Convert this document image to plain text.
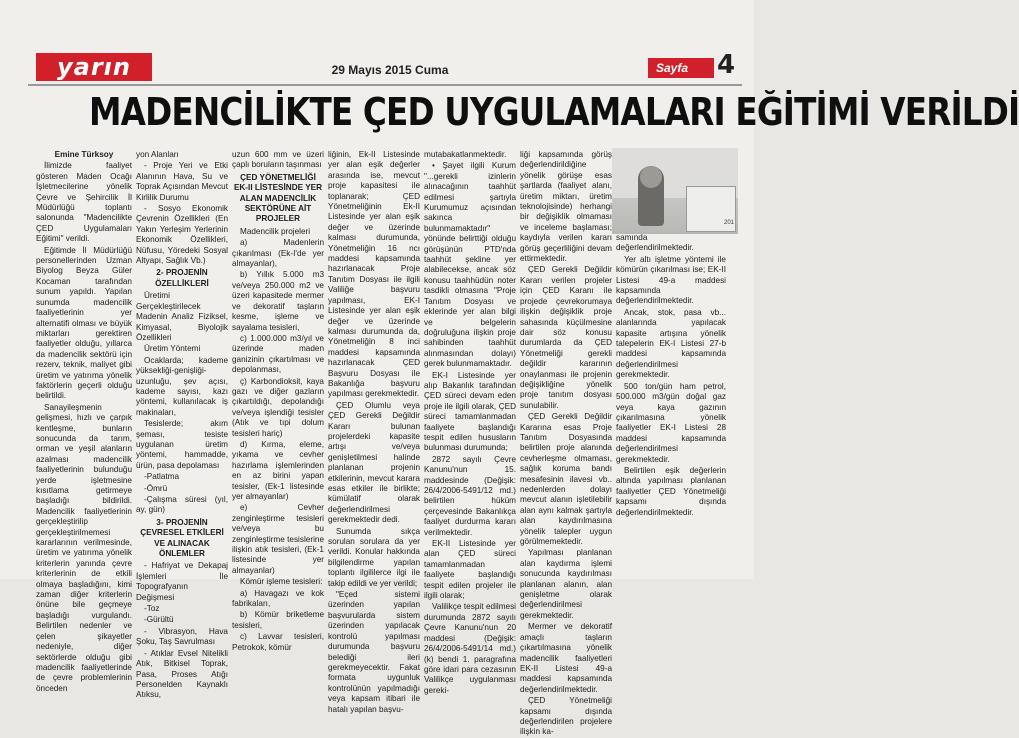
yarın	29 Mayıs 2015 Cuma	Sayfa	4
MADENCİLİKTE ÇED UYGULAMALARI EĞİTİMİ VERİLDİ

Emine Türksoy

İlimizde faaliyet gösteren Maden Ocağı İşletmecilerine yönelik Çevre ve Şehircilik İl Müdürlüğü toplantı salonunda "Madencilikte ÇED Uygulamaları Eğitimi" verildi.

Eğitimde İl Müdürlüğü personellerinden Uzman Biyolog Beyza Güler Kocaman tarafından sunum yapıldı. Yapılan sunumda madencilik faaliyetlerinin yer alternatifi olması ve büyük miktarları gerektiren faaliyetler olduğu, yıllarca da madencilik sektörü için rezerv, teknik, maliyet gibi üretim ve yatırıma yönelik faktörlerin geçerli olduğu belirtildi.

Sanayileşmenin gelişmesi, hızlı ve çarpık kentleşme, bunların sonucunda da tarım, orman ve yeşil alanların azalması madencilik faaliyetlerinin bulunduğu yerde işletmesine kısıtlama getirmeye başladığı bildirildi. Madencilik faaliyetlerinin gerçekleştirilip gerçekleştirilmemesi kararlarının verilmesinde, üretim ve yatırıma yönelik kriterlerin yanında çevre kriterlerinin de etkili olmaya başladığını, kimi zaman diğer kriterlerin önüne bile geçmeye başladığı vurgulandı. Belirtilen nedenler ve çelen şikayetler nedeniyle, diğer sektörlerde olduğu gibi madencilik faaliyetlerinde de çevre problemlerinin önceden

yon Alanları

- Proje Yeri ve Etki Alanının Hava, Su ve Toprak Açısından Mevcut Kirlilik Durumu

- Sosyo Ekonomik Çevrenin Özellikleri (En Yakın Yerleşim Yerlerinin Ekonomik Özellikleri, Nüfusu, Yöredeki Sosyal Altyapı, Sağlık Vb.)

2- PROJENİN ÖZELLİKLERİ

Üretimi Gerçekleştirilecek Madenin Analiz Fiziksel, Kimyasal, Biyolojik Özellikleri

Üretim Yöntemi

Ocaklarda; kademe yüksekliği-genişliği-uzunluğu, şev açısı, kademe sayısı, kazı yöntemi, kullanılacak iş makinaları,

Tesislerde; akım şeması, tesiste uygulanan üretim yöntemi, hammadde, ürün, pasa depolaması

-Patlatma

-Ömrü

-Çalışma süresi (yıl, ay, gün)

3- PROJENİN ÇEVRESEL ETKİLERİ VE ALINACAK ÖNLEMLER

- Hafriyat ve Dekapaj İşlemleri İle Topografyanın Değişmesi

-Toz

-Gürültü

- Vibrasyon, Hava Şoku, Taş Savrulması

- Atıklar Evsel Nitelikli Atık, Bitkisel Toprak, Pasa, Proses Atığı Personelden Kaynaklı Atıksu,

uzun 600 mm ve üzeri çaplı boruların taşınması

ÇED YÖNETMELİĞİ EK-II LİSTESİNDE YER ALAN MADENCİLİK SEKTÖRÜNE AİT PROJELER

Madencilik projeleri

a) Madenlerin çıkarılması (Ek-I'de yer almayanlar),

b) Yıllık 5.000 m3 ve/veya 250.000 m2 ve üzeri kapasitede mermer ve dekoratif taşların kesme, işleme ve sayalama tesisleri,

c) 1.000.000 m3/yıl ve üzerinde maden ganizinin çıkartılması ve depolanması,

ç) Karbondioksit, kaya gazı ve diğer gazların çıkartıldığı, depolandığı ve/veya işlendiği tesisler (Atık ve tıpi dolum tesisleri hariç)

d) Kırma, eleme, yıkama ve cevher hazırlama işlemlerinden en az birini yapan tesisler, (Ek-1 listesinde yer almayanlar)

e) Cevher zenginleştirme tesisleri ve/veya bu zenginleştirme tesislerine ilişkin atık tesisleri, (Ek-1 listesinde yer almayanlar)

Kömür işleme tesisleri:

a) Havagazı ve kok fabrikaları,

b) Kömür briketleme tesisleri,

c) Lavvar tesisleri, Petrokok, kömür

liğinin, Ek-II Listesinde yer alan eşik değerler arasında ise, mevcut proje kapasitesi ile toplanarak; ÇED Yönetmeliğinin Ek-II Listesinde yer alan eşik değer ve üzerinde kalması durumunda, Yönetmeliğin 16 ncı maddesi kapsamında hazırlanacak Proje Tanıtım Dosyası ile ilgili Valiliğe başvuru yapılması, EK-I Listesinde yer alan eşik değer ve üzerinde kalması durumunda da, Yönetmeliğin 8 inci maddesi kapsamında hazırlanacak ÇED Başvuru Dosyası ile Bakanlığa başvuru yapılması gerekmektedir.

ÇED Olumlu veya ÇED Gerekli Değildir Kararı bulunan projelerdeki kapasite artışı ve/veya genişletilmesi halinde planlanan projenin etkilerinin, mevcut karara esas etkiler ile birlikte; kümülatif olarak değerlendirilmesi gerekmektedir dedi.

Sunumda sıkça sorulan sorulara da yer verildi. Konular hakkında bilgilendirme yapılan toplantı ilgililerce ilgi ile takip edildi ve yer verildi;

"Eçed sistemi üzerinden yapılan başvurularda sistem üzerinden yapılacak kontrolü yapılması durumunda başvuru belediği ileri gerekmeyecektir. Fakat formata uygunluk kontrolünün yapılmadığı veya kapsam itibari ile hatalı yapılan başvu-

mutabakatlanmektedir.

• Şayet ilgili Kurum "...gerekli izinlerin alınacağının taahhüt edilmesi şartıyla Kurumumuz açısından sakınca bulunmamaktadır" yönünde belirttiği olduğu görüşünün PTD'nda taahhüt şekline yer alabilecekse, ancak söz konusu taahhüdün noter tasdikli olmasına "Proje Tanıtım Dosyası ve eklerinde yer alan bilgi ve belgelerin doğruluğuna ilişkin proje sahibinden taahhüt alınmasından dolayı) gerek bulunmamaktadır.

EK-I Listesinde yer alıp Bakanlık tarafından ÇED süreci devam eden proje ile ilgili olarak, ÇED süreci tamamlanmadan faaliyete başlandığı tespit edilen hususların bulunması durumunda;

2872 sayılı Çevre Kanunu'nun 15. maddesinde (Değişik: 26/4/2006-5491/12 md.) belirtilen hüküm çerçevesinde Bakanlıkça faaliyet durdurma kararı verilmektedir.

EK-II Listesinde yer alan ÇED süreci tamamlanmadan faaliyete başlandığı tespit edilen projeler ile ilgili olarak;

Valilikçe tespit edilmesi durumunda 2872 sayılı Çevre Kanunu'nun 20 maddesi (Değişik: 26/4/2006-5491/14 md.) (k) bendi 1. paragrafına göre idari para cezasının Valilikçe uygulanması gereki-

liği kapsamında görüş değerlendirildiğine yönelik görüşe esas şartlarda (faaliyet alanı, üretim miktarı, üretim teknolojisinde) herhangi bir değişiklik olmaması ve inceleme başlaması; kaydıyla verilen kararı görüş geçerliliğini devam ettirmektedir.

ÇED Gerekli Değildir Kararı verilen projeler için ÇED Karanı ile projede çevrekorumaya ilişkin değişiklik proje sahasında küçülmesine dair söz konusu durumlarda da ÇED Yönetmeliği gerekli değildir kararının onaylanması ile projenin değişikliğine yönelik proje tanıtım dosyası sunulabilir.

ÇED Gerekli Değildir Kararına esas Proje Tanıtım Dosyasında belirtilen proje alanında cevherleşme olmaması, sağlık koruma bandı mesafesinin ilavesi vb.. nedenlerden dolayı mevcut alanın işletilebilir alan aynı kalmak şartıyla alan kaydırılmasına yönelik talepler uygun görülmemektedir.

Yapılması planlanan alan kaydırma işlemi sonucunda kaydırılması planlanan alanın, alan genişletme olarak değerlendirilmesi gerekmektedir.

Mermer ve dekoratif amaçlı taşların çıkartılmasına yönelik madencilik faaliyetleri EK-II Listesi 49-a maddesi kapsamında değerlendirilmektedir.

ÇED Yönetmeliği kapsamı dışında değerlendirilen projelere ilişkin ka-

201

samında değerlendirilmektedir.

Yer altı işletme yöntemi ile kömürün çıkarılması ise; EK-II Listesi 49-a maddesi kapsamında değerlendirilmektedir.

Ancak, stok, pasa vb... alanlarında yapılacak kapasite artışına yönelik talepelerin EK-I Listesi 27-b maddesi kapsamında değerlendirilmesi gerekmektedir.

500 ton/gün ham petrol, 500.000 m3/gün doğal gaz veya kaya gazının çıkarılmasına yönelik faaliyetler EK-I Listesi 28 maddesi kapsamında değerlendirilmesi gerekmektedir.

Belirtilen eşik değerlerin altında yapılması planlanan faaliyetler ÇED Yönetmeliği kapsamı dışında değerlendirilmektedir.
